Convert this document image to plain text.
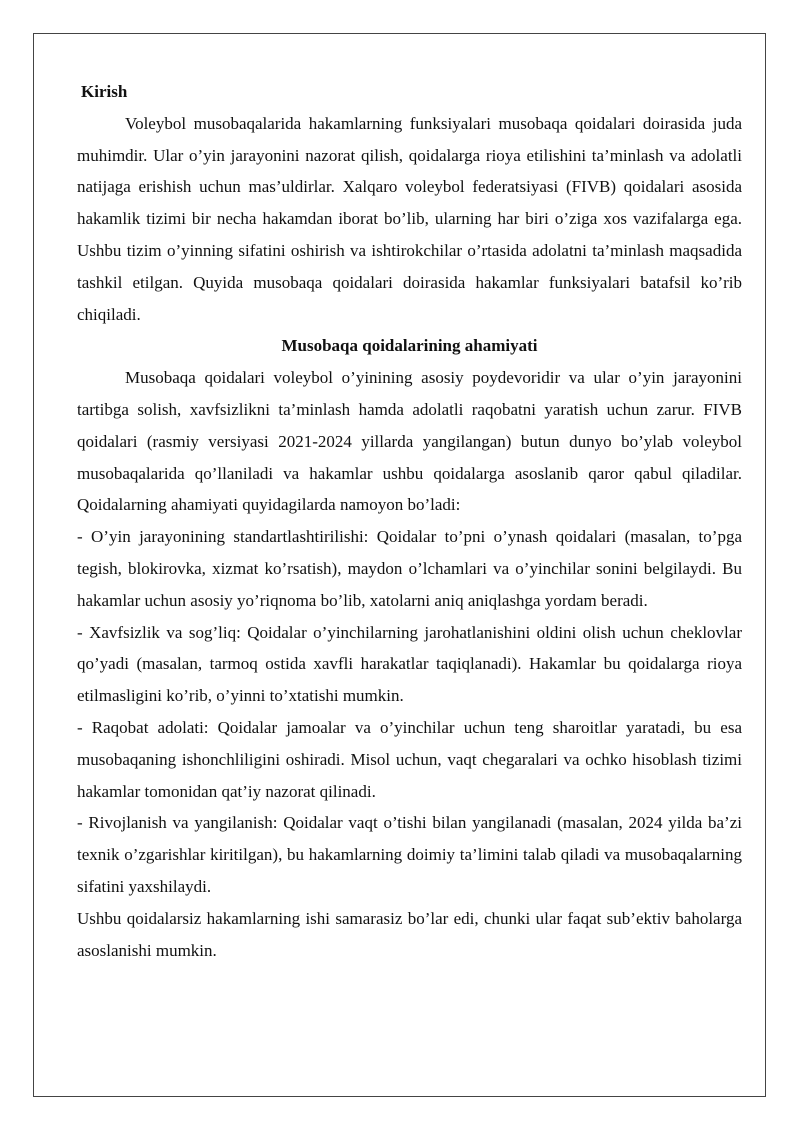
Kirish

Voleybol musobaqalarida hakamlarning funksiyalari musobaqa qoidalari doirasida juda muhimdir. Ular o’yin jarayonini nazorat qilish, qoidalarga rioya etilishini ta’minlash va adolatli natijaga erishish uchun mas’uldirlar. Xalqaro voleybol federatsiyasi (FIVB) qoidalari asosida hakamlik tizimi bir necha hakamdan iborat bo’lib, ularning har biri o’ziga xos vazifalarga ega. Ushbu tizim o’yinning sifatini oshirish va ishtirokchilar o’rtasida adolatni ta’minlash maqsadida tashkil etilgan. Quyida musobaqa qoidalari doirasida hakamlar funksiyalari batafsil ko’rib chiqiladi.

Musobaqa qoidalarining ahamiyati

Musobaqa qoidalari voleybol o’yinining asosiy poydevoridir va ular o’yin jarayonini tartibga solish, xavfsizlikni ta’minlash hamda adolatli raqobatni yaratish uchun zarur. FIVB qoidalari (rasmiy versiyasi 2021-2024 yillarda yangilangan) butun dunyo bo’ylab voleybol musobaqalarida qo’llaniladi va hakamlar ushbu qoidalarga asoslanib qaror qabul qiladilar. Qoidalarning ahamiyati quyidagilarda namoyon bo’ladi:

- O’yin jarayonining standartlashtirilishi: Qoidalar to’pni o’ynash qoidalari (masalan, to’pga tegish, blokirovka, xizmat ko’rsatish), maydon o’lchamlari va o’yinchilar sonini belgilaydi. Bu hakamlar uchun asosiy yo’riqnoma bo’lib, xatolarni aniq aniqlashga yordam beradi.

- Xavfsizlik va sog’liq: Qoidalar o’yinchilarning jarohatlanishini oldini olish uchun cheklovlar qo’yadi (masalan, tarmoq ostida xavfli harakatlar taqiqlanadi). Hakamlar bu qoidalarga rioya etilmasligini ko’rib, o’yinni to’xtatishi mumkin.

- Raqobat adolati: Qoidalar jamoalar va o’yinchilar uchun teng sharoitlar yaratadi, bu esa musobaqaning ishonchliligini oshiradi. Misol uchun, vaqt chegaralari va ochko hisoblash tizimi hakamlar tomonidan qat’iy nazorat qilinadi.

- Rivojlanish va yangilanish: Qoidalar vaqt o’tishi bilan yangilanadi (masalan, 2024 yilda ba’zi texnik o’zgarishlar kiritilgan), bu hakamlarning doimiy ta’limini talab qiladi va musobaqalarning sifatini yaxshilaydi.

Ushbu qoidalarsiz hakamlarning ishi samarasiz bo’lar edi, chunki ular faqat sub’ektiv baholarga asoslanishi mumkin.
